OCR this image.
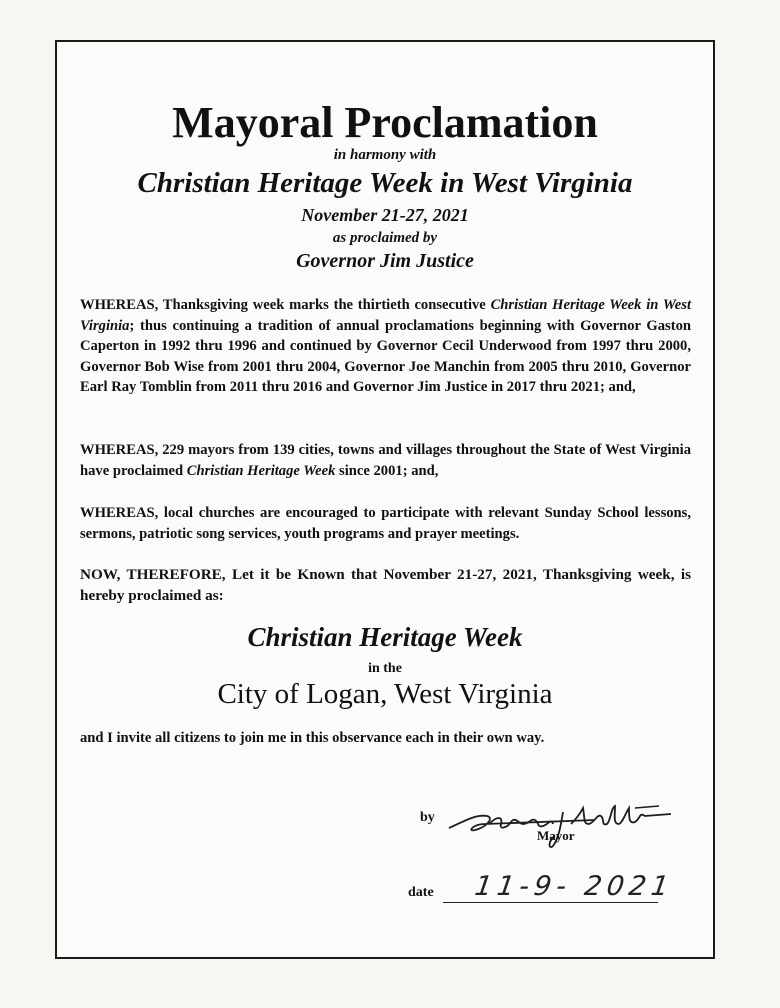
Mayoral Proclamation
in harmony with
Christian Heritage Week in West Virginia
November 21-27, 2021
as proclaimed by
Governor Jim Justice
WHEREAS, Thanksgiving week marks the thirtieth consecutive Christian Heritage Week in West Virginia; thus continuing a tradition of annual proclamations beginning with Governor Gaston Caperton in 1992 thru 1996 and continued by Governor Cecil Underwood from 1997 thru 2000, Governor Bob Wise from 2001 thru 2004, Governor Joe Manchin from 2005 thru 2010, Governor Earl Ray Tomblin from 2011 thru 2016 and Governor Jim Justice in 2017 thru 2021; and,
WHEREAS, 229 mayors from 139 cities, towns and villages throughout the State of West Virginia have proclaimed Christian Heritage Week since 2001; and,
WHEREAS, local churches are encouraged to participate with relevant Sunday School lessons, sermons, patriotic song services, youth programs and prayer meetings.
NOW, THEREFORE, Let it be Known that November 21-27, 2021, Thanksgiving week, is hereby proclaimed as:
Christian Heritage Week
in the
City of Logan, West Virginia
and I invite all citizens to join me in this observance each in their own way.
by
Mayor
date 11-9- 2021
